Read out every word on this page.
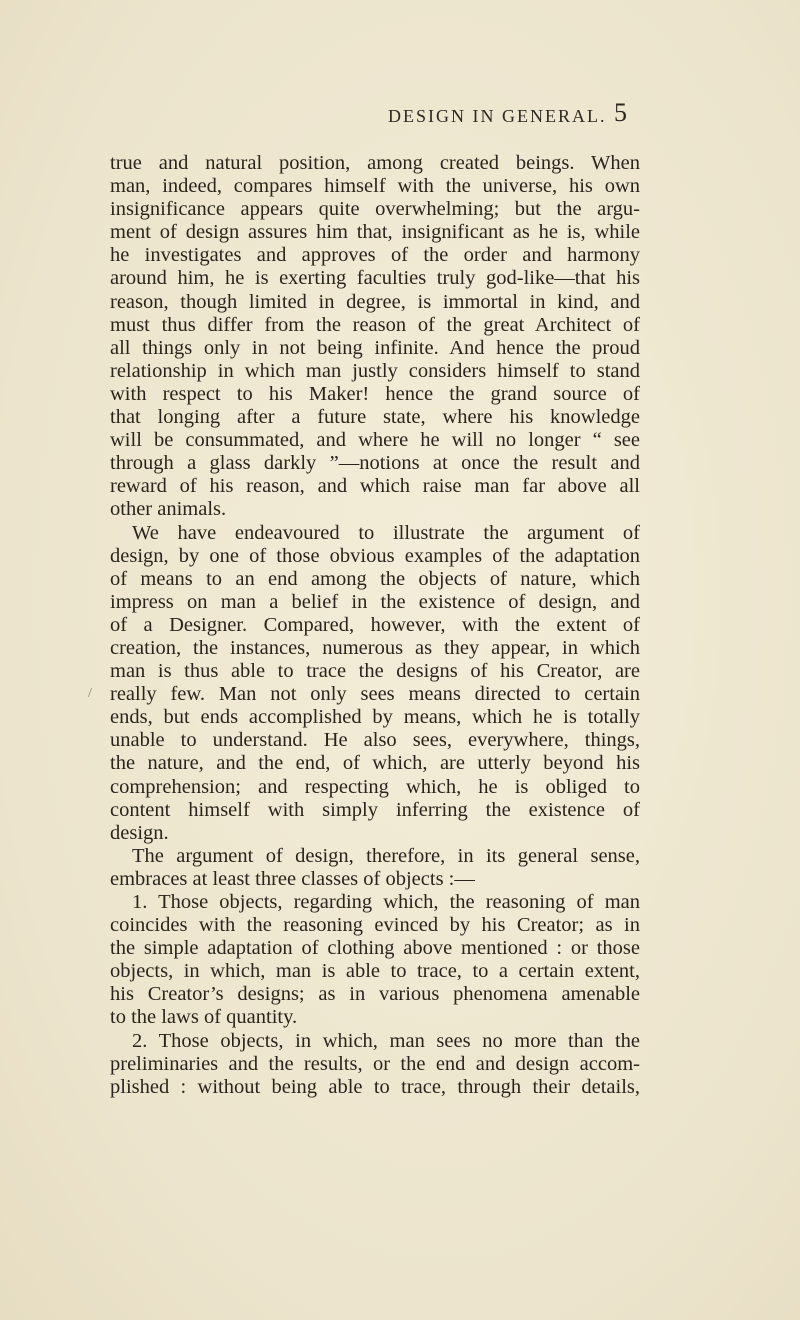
DESIGN IN GENERAL. 5
/
true and natural position, among created beings. When
man, indeed, compares himself with the universe, his own
insignificance appears quite overwhelming; but the argu-
ment of design assures him that, insignificant as he is, while
he investigates and approves of the order and harmony
around him, he is exerting faculties truly god-like—that his
reason, though limited in degree, is immortal in kind, and
must thus differ from the reason of the great Architect of
all things only in not being infinite. And hence the proud
relationship in which man justly considers himself to stand
with respect to his Maker! hence the grand source of
that longing after a future state, where his knowledge
will be consummated, and where he will no longer “ see
through a glass darkly ”—notions at once the result and
reward of his reason, and which raise man far above all
other animals.
We have endeavoured to illustrate the argument of
design, by one of those obvious examples of the adaptation
of means to an end among the objects of nature, which
impress on man a belief in the existence of design, and
of a Designer. Compared, however, with the extent of
creation, the instances, numerous as they appear, in which
man is thus able to trace the designs of his Creator, are
really few. Man not only sees means directed to certain
ends, but ends accomplished by means, which he is totally
unable to understand. He also sees, everywhere, things,
the nature, and the end, of which, are utterly beyond his
comprehension; and respecting which, he is obliged to
content himself with simply inferring the existence of
design.
The argument of design, therefore, in its general sense,
embraces at least three classes of objects :—
1. Those objects, regarding which, the reasoning of man
coincides with the reasoning evinced by his Creator; as in
the simple adaptation of clothing above mentioned : or those
objects, in which, man is able to trace, to a certain extent,
his Creator’s designs; as in various phenomena amenable
to the laws of quantity.
2. Those objects, in which, man sees no more than the
preliminaries and the results, or the end and design accom-
plished : without being able to trace, through their details,
